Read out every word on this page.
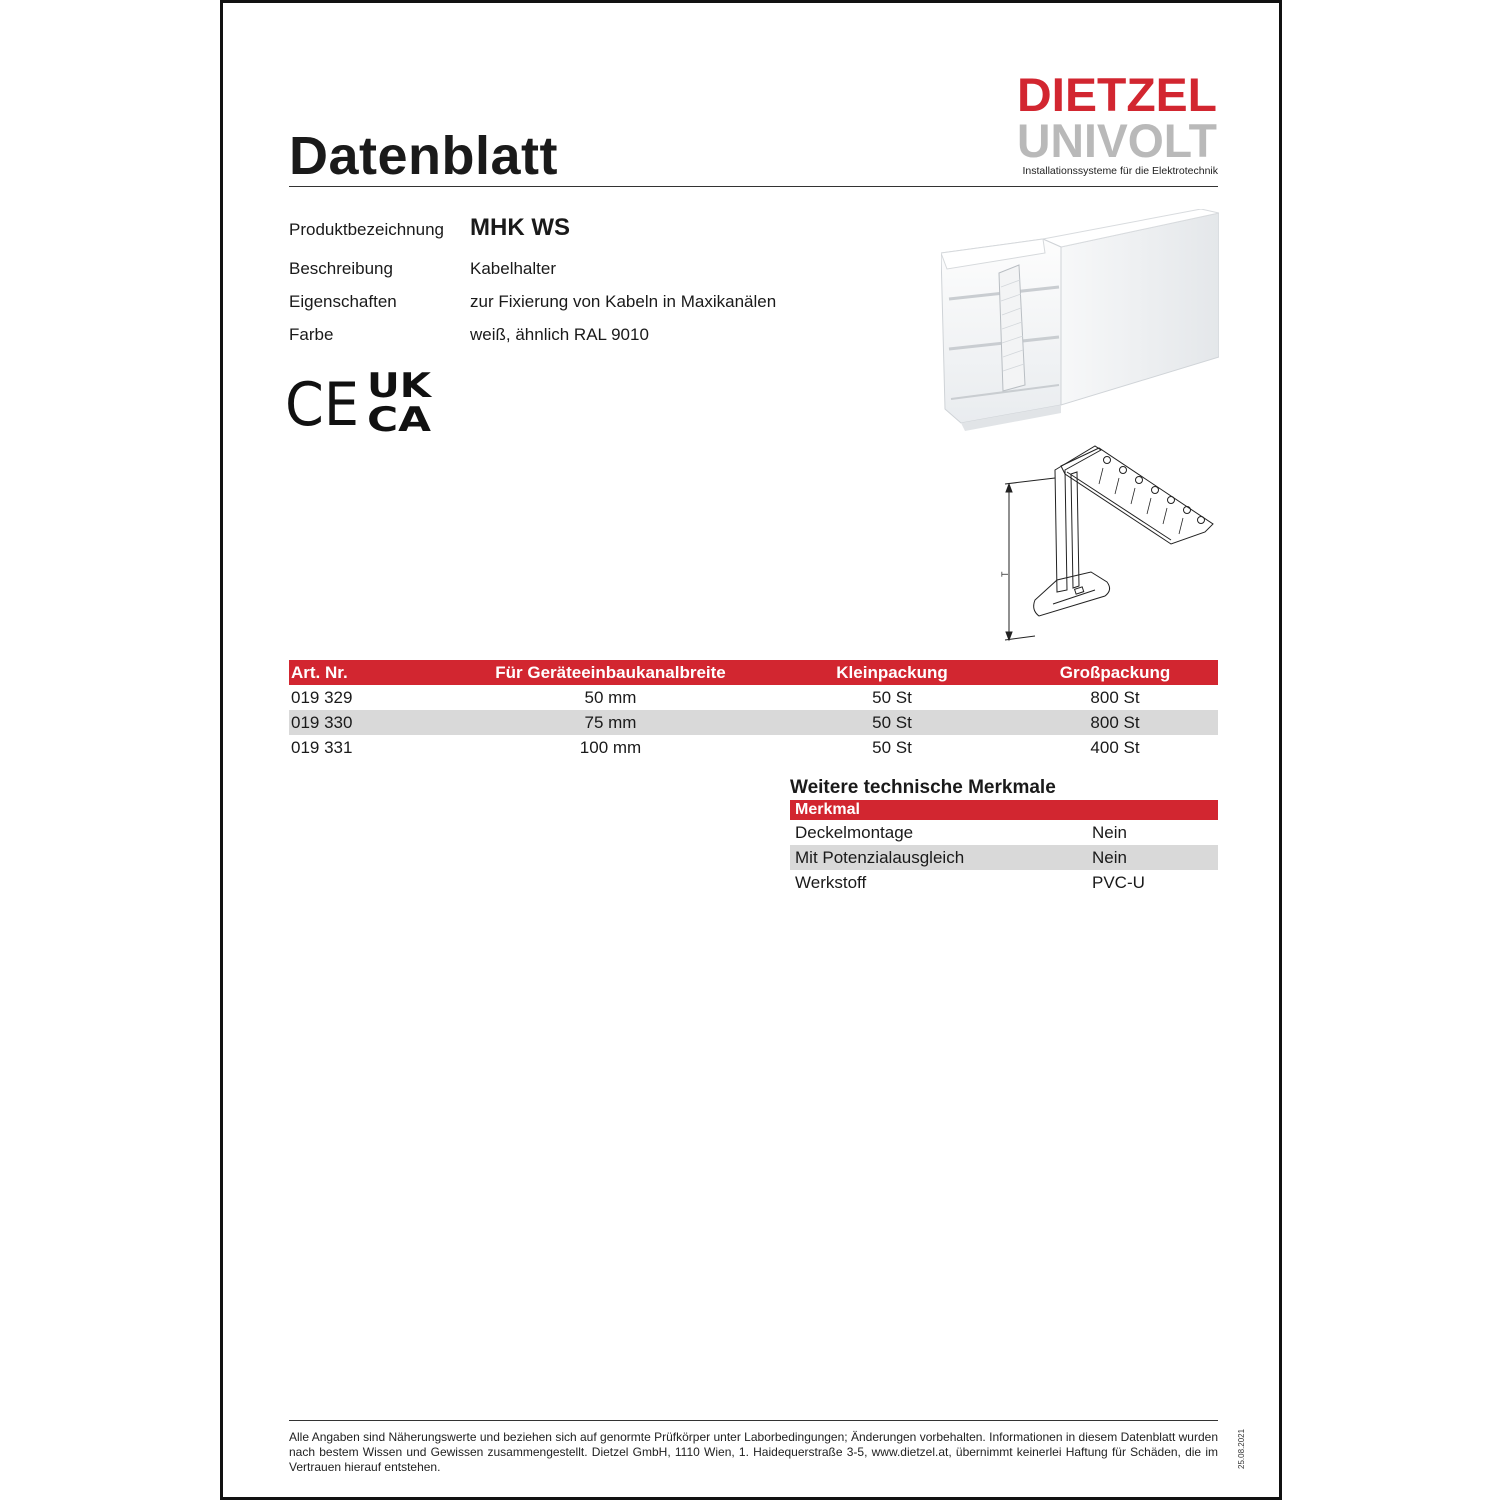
Datenblatt
DIETZEL
UNIVOLT
Installationssysteme für die Elektrotechnik
Produktbezeichnung MHK WS
Beschreibung	Kabelhalter
Eigenschaften	zur Fixierung von Kabeln in Maxikanälen
Farbe	weiß, ähnlich RAL 9010
CE UK
CA
T
Art. Nr.	Für Geräteeinbaukanalbreite	Kleinpackung	Großpackung
019 329	50 mm	50 St	800 St
019 330	75 mm	50 St	800 St
019 331	100 mm	50 St	400 St
Weitere technische Merkmale
Merkmal
Deckelmontage	Nein
Mit Potenzialausgleich	Nein
Werkstoff	PVC-U

Alle Angaben sind Näherungswerte und beziehen sich auf genormte Prüfkörper unter Laborbedingungen; Änderungen vorbehalten. Informationen in diesem Datenblatt wurden nach bestem Wissen und Gewissen zusammengestellt. Dietzel GmbH, 1110 Wien, 1. Haidequerstraße 3-5, www.dietzel.at, übernimmt keinerlei Haftung für Schäden, die im Vertrauen hierauf entstehen.	25.08.2021
